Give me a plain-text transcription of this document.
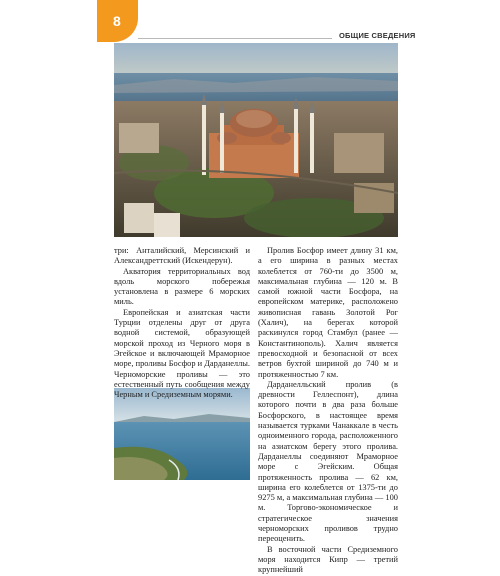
8
ОБЩИЕ СВЕДЕНИЯ

три: Анталийский, Мерсинский и Александреттский (Искендерун).

Акватория территориальных вод вдоль морского побережья установлена в размере 6 морских миль.

Европейская и азиатская части Турции отделены друг от друга водной системой, образующей морской проход из Черного моря в Эгейское и включающей Мраморное море, проливы Босфор и Дарданеллы. Черноморские проливы — это естественный путь сообщения между Черным и Средиземным морями.

Пролив Босфор имеет длину 31 км, а его ширина в разных местах колеблется от 760-ти до 3500 м, максимальная глубина — 120 м. В самой южной части Босфора, на европейском материке, расположено живописная гавань Золотой Рог (Халич), на берегах которой раскинулся город Стамбул (ранее — Константинополь). Халич является превосходной и безопасной от всех ветров бухтой шириной до 740 м и протяженностью 7 км.

Дарданелльский пролив (в древности Геллеспонт), длина которого почти в два раза больше Босфорского, в настоящее время называется турками Чанаккале в честь одноименного города, расположенного на азиатском берегу этого пролива. Дарданеллы соединяют Мраморное море с Эгейским. Общая протяженность пролива — 62 км, ширина его колеблется от 1375-ти до 9275 м, а максимальная глубина — 100 м. Торгово-экономическое и стратегическое значения черноморских проливов трудно переоценить.

В восточной части Средиземного моря находится Кипр — третий крупнейший
